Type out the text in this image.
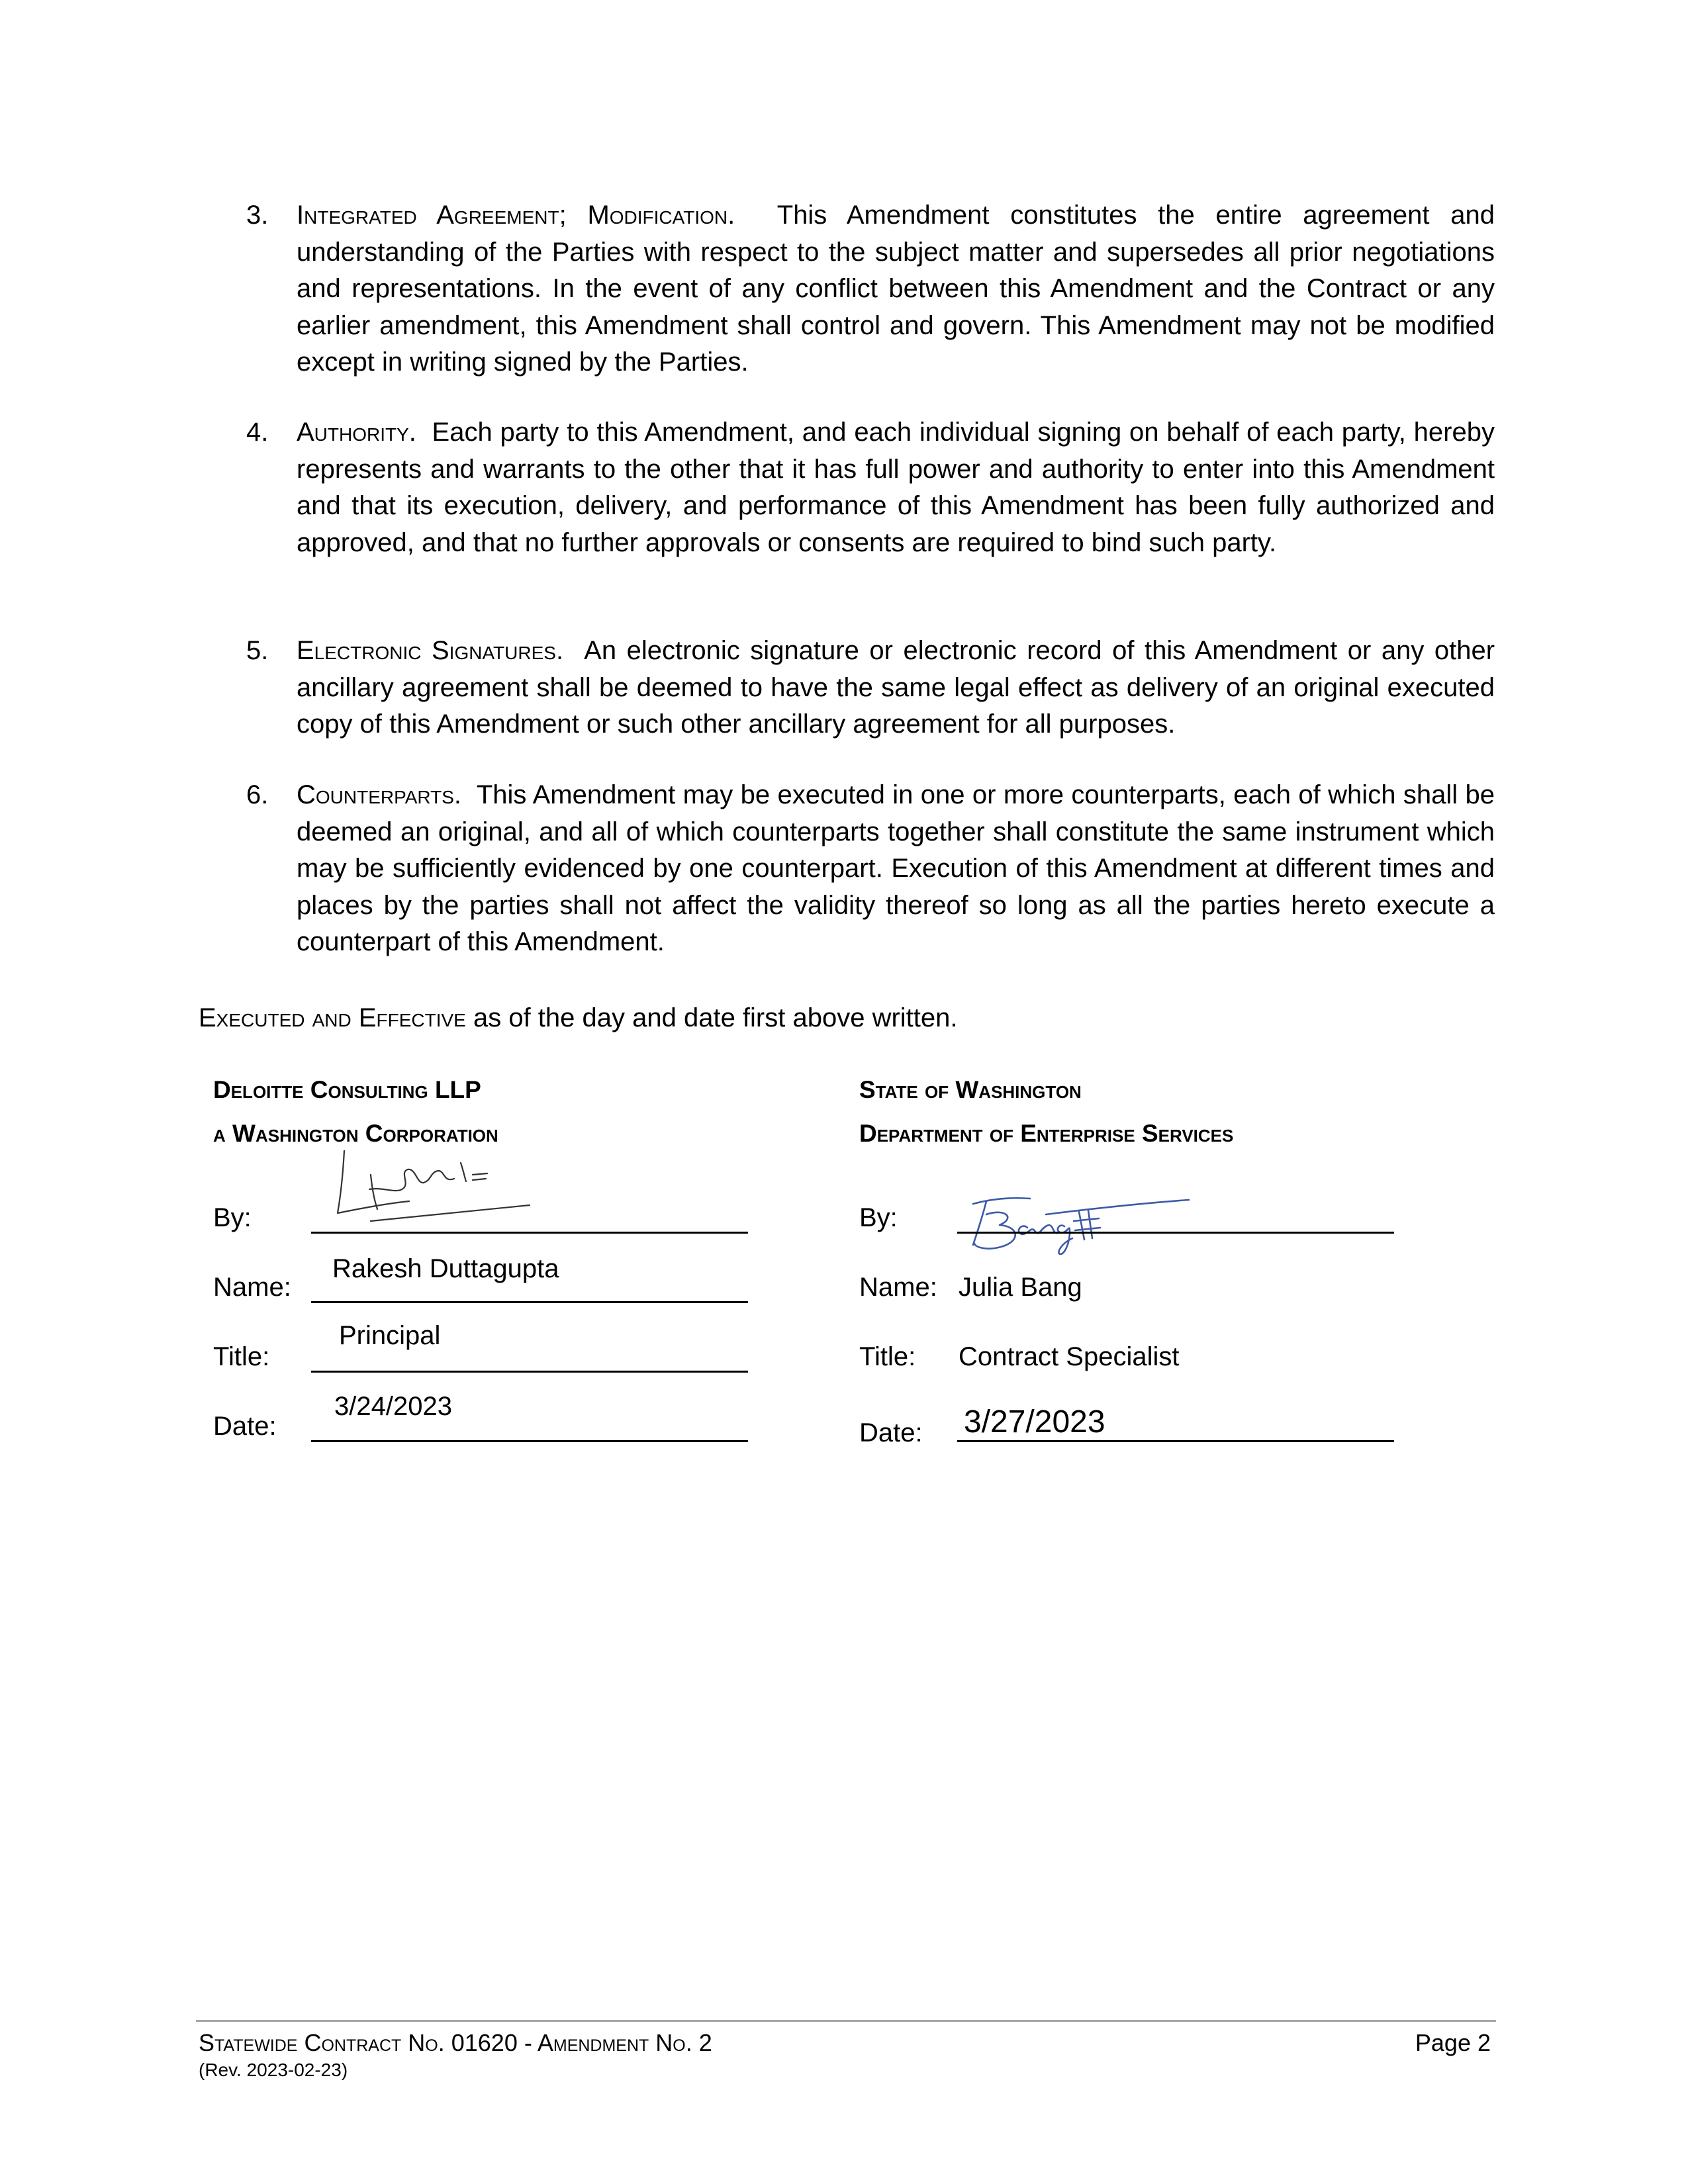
3. Integrated Agreement; Modification. This Amendment constitutes the entire agreement and understanding of the Parties with respect to the subject matter and supersedes all prior negotiations and representations. In the event of any conflict between this Amendment and the Contract or any earlier amendment, this Amendment shall control and govern. This Amendment may not be modified except in writing signed by the Parties.
4. Authority. Each party to this Amendment, and each individual signing on behalf of each party, hereby represents and warrants to the other that it has full power and authority to enter into this Amendment and that its execution, delivery, and performance of this Amendment has been fully authorized and approved, and that no further approvals or consents are required to bind such party.
5. Electronic Signatures. An electronic signature or electronic record of this Amendment or any other ancillary agreement shall be deemed to have the same legal effect as delivery of an original executed copy of this Amendment or such other ancillary agreement for all purposes.
6. Counterparts. This Amendment may be executed in one or more counterparts, each of which shall be deemed an original, and all of which counterparts together shall constitute the same instrument which may be sufficiently evidenced by one counterpart. Execution of this Amendment at different times and places by the parties shall not affect the validity thereof so long as all the parties hereto execute a counterpart of this Amendment.
Executed and Effective as of the day and date first above written.
Deloitte Consulting LLP
a Washington Corporation
By:
Name:
Rakesh Duttagupta
Title:
Principal
Date:
3/24/2023
State of Washington
Department of Enterprise Services
By:
Name: Julia Bang
Title: Contract Specialist
Date: 3/27/2023
Statewide Contract No. 01620 - Amendment No. 2
(Rev. 2023-02-23)
Page 2
